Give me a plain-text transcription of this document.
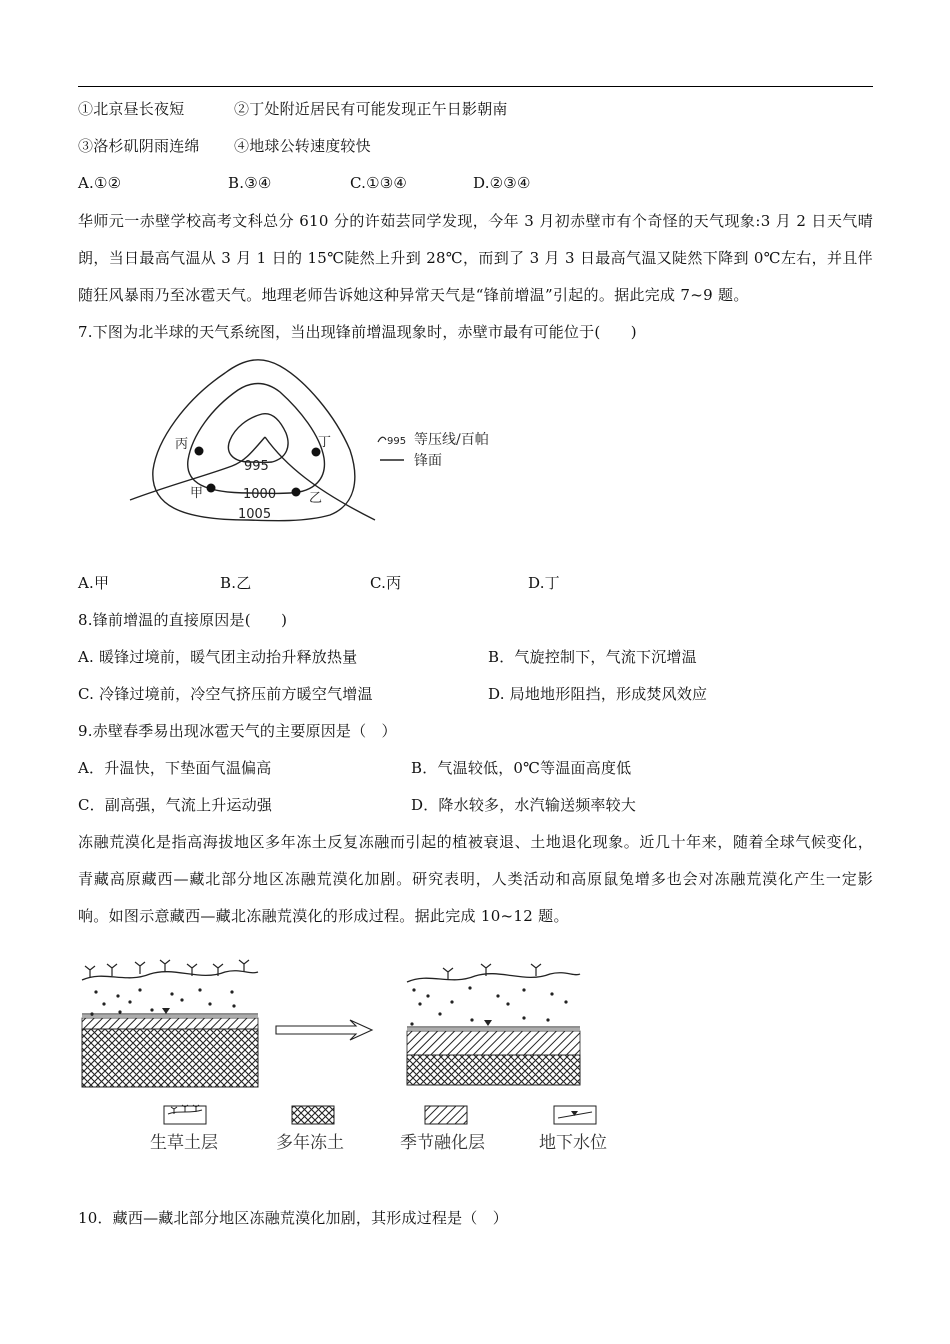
①北京昼长夜短	②丁处附近居民有可能发现正午日影朝南
③洛杉矶阴雨连绵 ④地球公转速度较快
A.①②	B.③④	C.①③④	D.②③④
华师元一赤壁学校高考文科总分 610 分的许茹芸同学发现，今年 3 月初赤壁市有个奇怪的天气现象:3 月 2 日天气晴朗，当日最高气温从 3 月 1 日的 15℃陡然上升到 28℃，而到了 3 月 3 日最高气温又陡然下降到 0℃左右，并且伴随狂风暴雨乃至冰雹天气。地理老师告诉她这种异常天气是“锋前增温”引起的。据此完成 7~9 题。
7.下图为北半球的天气系统图，当出现锋前增温现象时，赤壁市最有可能位于(　　)
995
1000
1005
丙	丁
甲	乙
995 等压线/百帕
锋面
A.甲	B.乙	C.丙	D.丁
8.锋前增温的直接原因是(　　)
A. 暖锋过境前，暖气团主动抬升释放热量	B．气旋控制下，气流下沉增温
C. 冷锋过境前，冷空气挤压前方暖空气增温	D. 局地地形阻挡，形成焚风效应
9.赤壁春季易出现冰雹天气的主要原因是（　）
A．升温快，下垫面气温偏高	B．气温较低，0℃等温面高度低
C．副高强，气流上升运动强	D．降水较多，水汽输送频率较大
冻融荒漠化是指高海拔地区多年冻土反复冻融而引起的植被衰退、土地退化现象。近几十年来，随着全球气候变化，青藏高原藏西—藏北部分地区冻融荒漠化加剧。研究表明，人类活动和高原鼠兔增多也会对冻融荒漠化产生一定影响。如图示意藏西—藏北冻融荒漠化的形成过程。据此完成 10~12 题。
生草土层	多年冻土	季节融化层	地下水位
10．藏西—藏北部分地区冻融荒漠化加剧，其形成过程是（　）
